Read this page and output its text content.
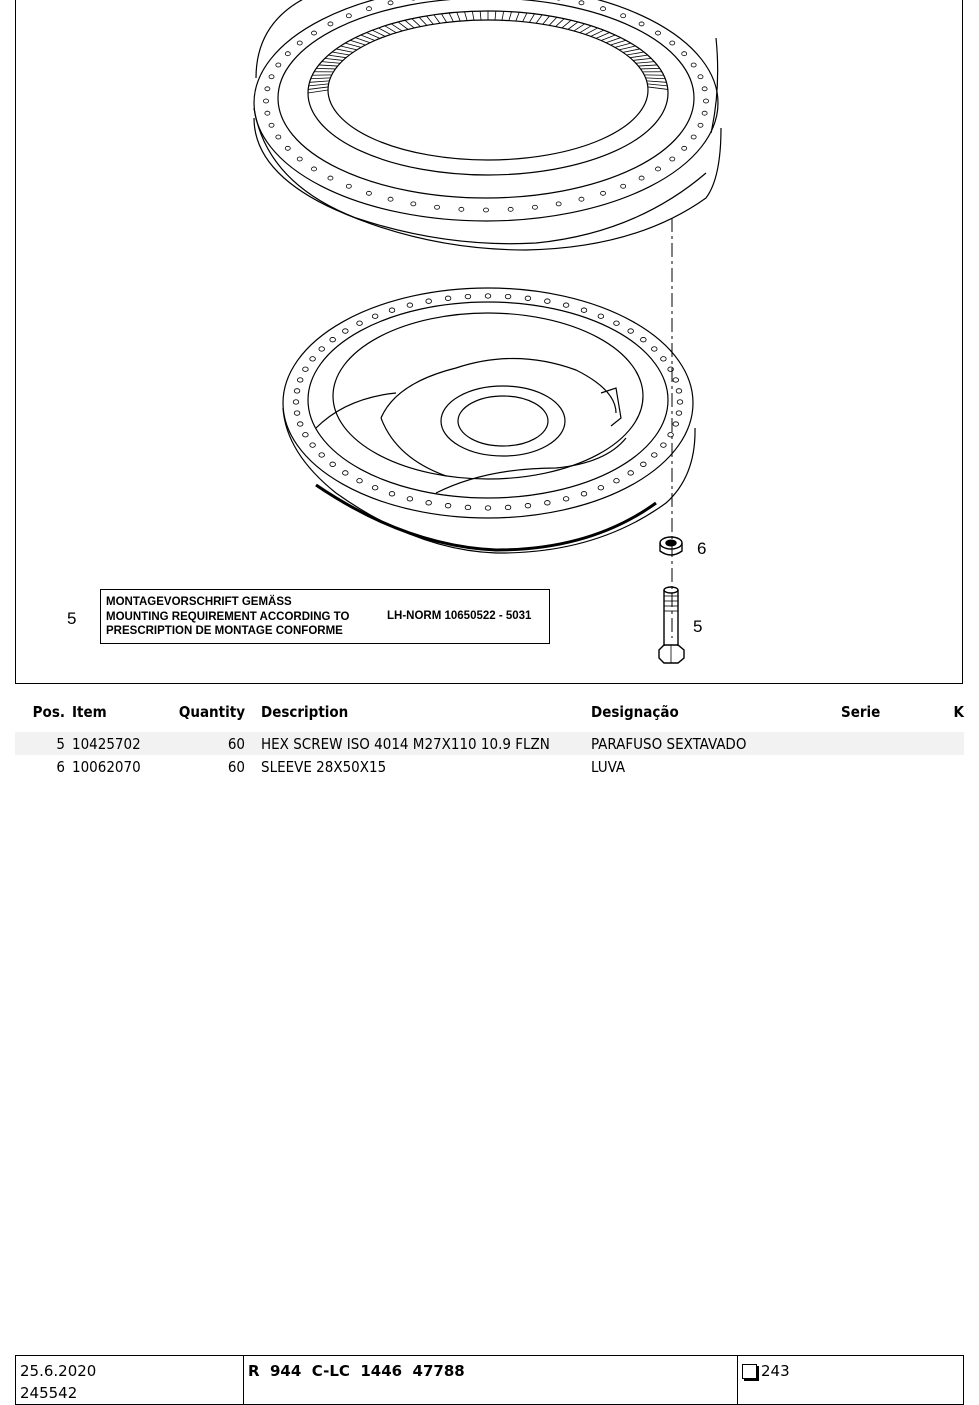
6
5
5
MONTAGEVORSCHRIFT GEMÄSS
MOUNTING REQUIREMENT ACCORDING TO
PRESCRIPTION DE MONTAGE CONFORME
LH-NORM 10650522 - 5031
Pos.	Item	Quantity	Description	Designação	Serie	K

5	10425702	60	HEX SCREW ISO 4014 M27X110 10.9 FLZN	PARAFUSO SEXTAVADO		
6	10062070	60	SLEEVE 28X50X15	LUVA		
25.6.2020
245542
R  944  C-LC  1446  47788	243
